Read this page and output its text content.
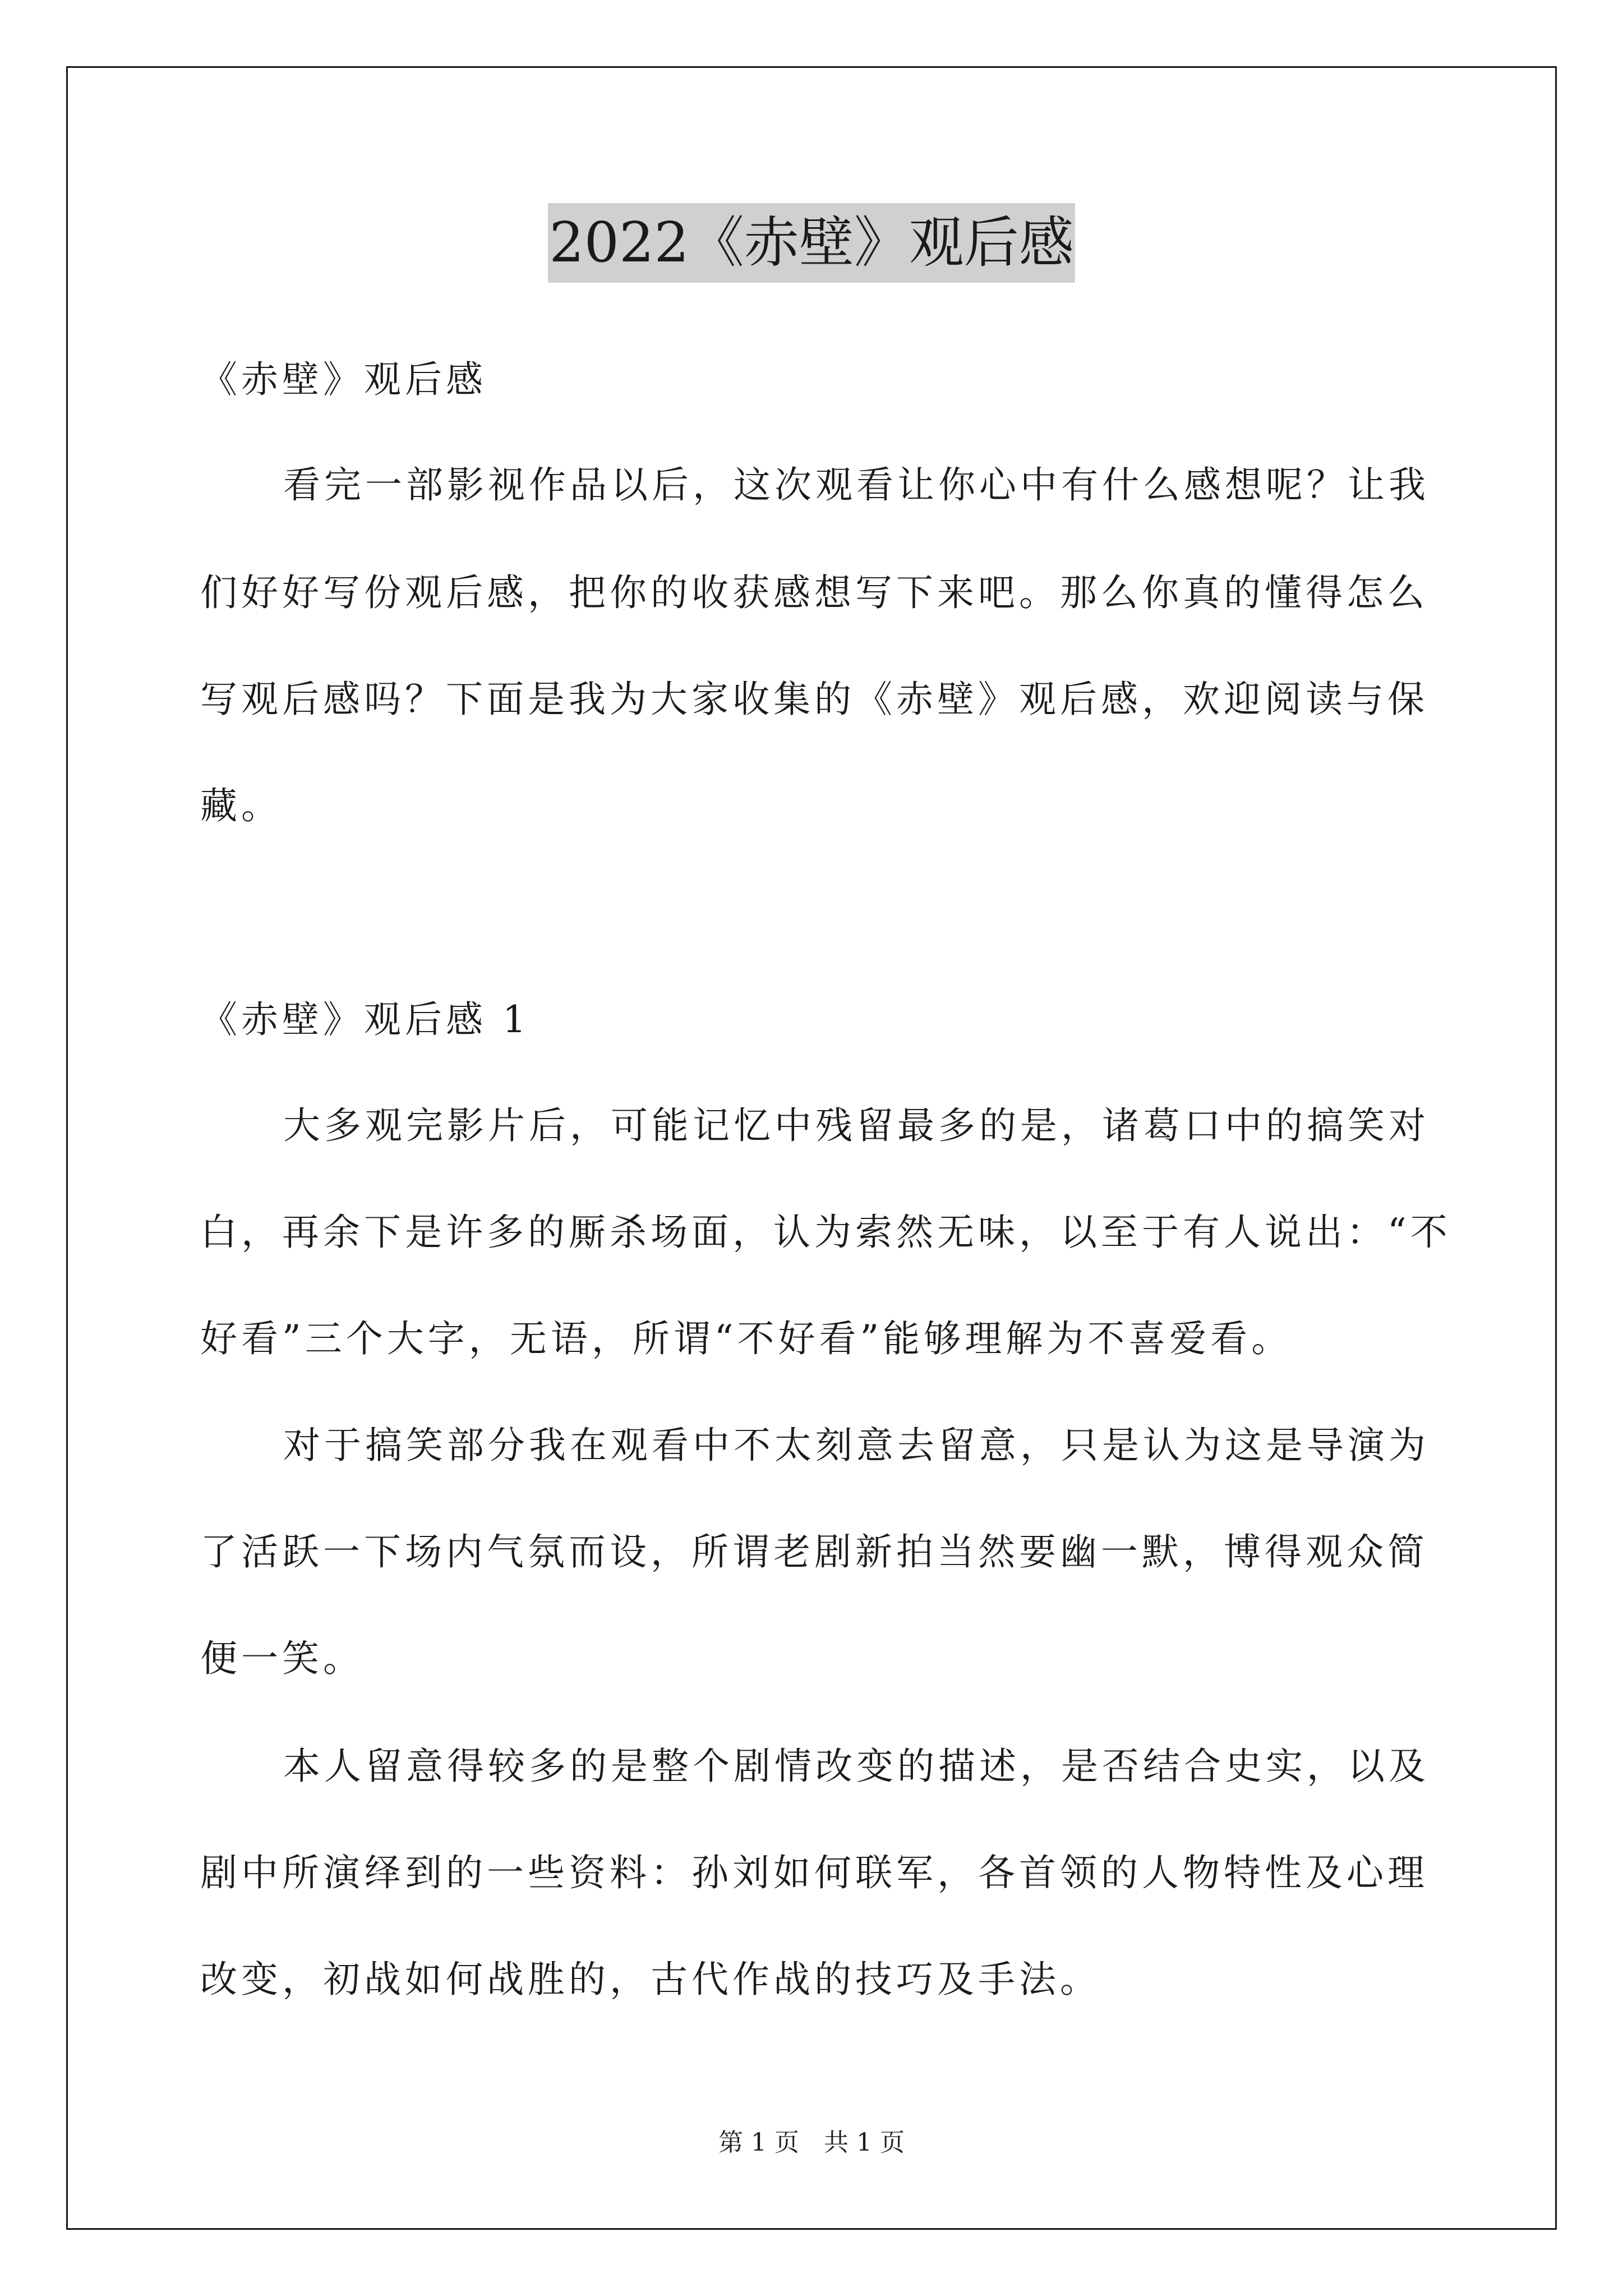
2022《赤壁》观后感
《赤壁》观后感
看完一部影视作品以后，这次观看让你心中有什么感想呢？让我
们好好写份观后感，把你的收获感想写下来吧。那么你真的懂得怎么
写观后感吗？下面是我为大家收集的《赤壁》观后感，欢迎阅读与保
藏。
《赤壁》观后感 1
大多观完影片后，可能记忆中残留最多的是，诸葛口中的搞笑对
白，再余下是许多的厮杀场面，认为索然无味，以至于有人说出：“不
好看”三个大字，无语，所谓“不好看”能够理解为不喜爱看。
对于搞笑部分我在观看中不太刻意去留意，只是认为这是导演为
了活跃一下场内气氛而设，所谓老剧新拍当然要幽一默，博得观众简
便一笑。
本人留意得较多的是整个剧情改变的描述，是否结合史实，以及
剧中所演绎到的一些资料：孙刘如何联军，各首领的人物特性及心理
改变，初战如何战胜的，古代作战的技巧及手法。
第 1 页　共 1 页
